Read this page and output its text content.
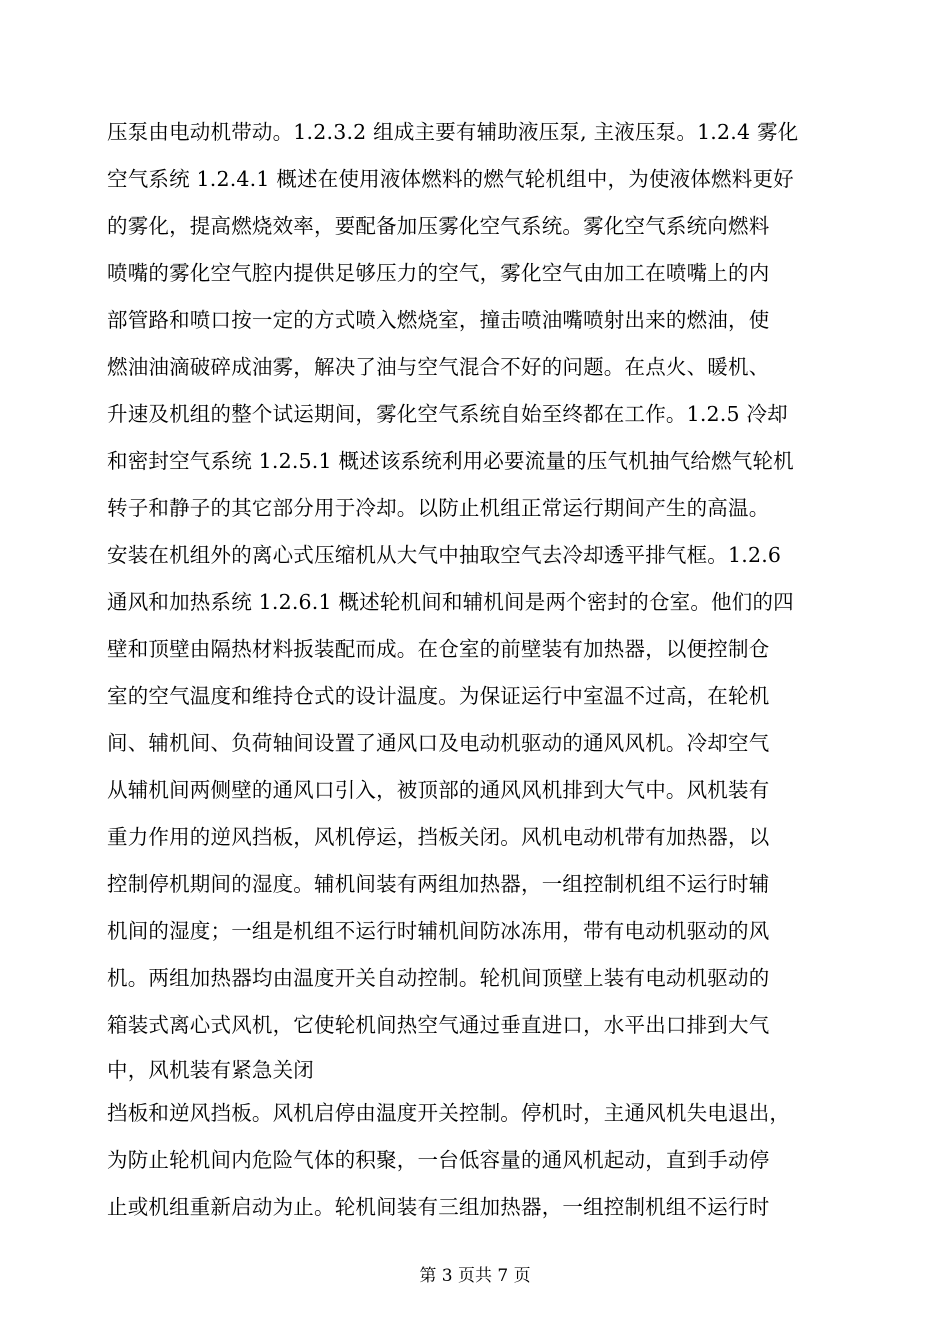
压泵由电动机带动。1.2.3.2 组成主要有辅助液压泵, 主液压泵。1.2.4 雾化
空气系统 1.2.4.1 概述在使用液体燃料的燃气轮机组中，为使液体燃料更好
的雾化，提高燃烧效率，要配备加压雾化空气系统。雾化空气系统向燃料
喷嘴的雾化空气腔内提供足够压力的空气，雾化空气由加工在喷嘴上的内
部管路和喷口按一定的方式喷入燃烧室，撞击喷油嘴喷射出来的燃油，使
燃油油滴破碎成油雾，解决了油与空气混合不好的问题。在点火、暖机、
升速及机组的整个试运期间，雾化空气系统自始至终都在工作。1.2.5 冷却
和密封空气系统 1.2.5.1 概述该系统利用必要流量的压气机抽气给燃气轮机
转子和静子的其它部分用于冷却。以防止机组正常运行期间产生的高温。
安装在机组外的离心式压缩机从大气中抽取空气去冷却透平排气框。1.2.6
通风和加热系统 1.2.6.1 概述轮机间和辅机间是两个密封的仓室。他们的四
壁和顶壁由隔热材料扳装配而成。在仓室的前壁装有加热器，以便控制仓
室的空气温度和维持仓式的设计温度。为保证运行中室温不过高，在轮机
间、辅机间、负荷轴间设置了通风口及电动机驱动的通风风机。冷却空气
从辅机间两侧壁的通风口引入，被顶部的通风风机排到大气中。风机装有
重力作用的逆风挡板，风机停运，挡板关闭。风机电动机带有加热器，以
控制停机期间的湿度。辅机间装有两组加热器，一组控制机组不运行时辅
机间的湿度；一组是机组不运行时辅机间防冰冻用，带有电动机驱动的风
机。两组加热器均由温度开关自动控制。轮机间顶壁上装有电动机驱动的
箱装式离心式风机，它使轮机间热空气通过垂直进口，水平出口排到大气
中，风机装有紧急关闭
挡板和逆风挡板。风机启停由温度开关控制。停机时，主通风机失电退出，
为防止轮机间内危险气体的积聚，一台低容量的通风机起动，直到手动停
止或机组重新启动为止。轮机间装有三组加热器，一组控制机组不运行时
第 3 页共 7 页
